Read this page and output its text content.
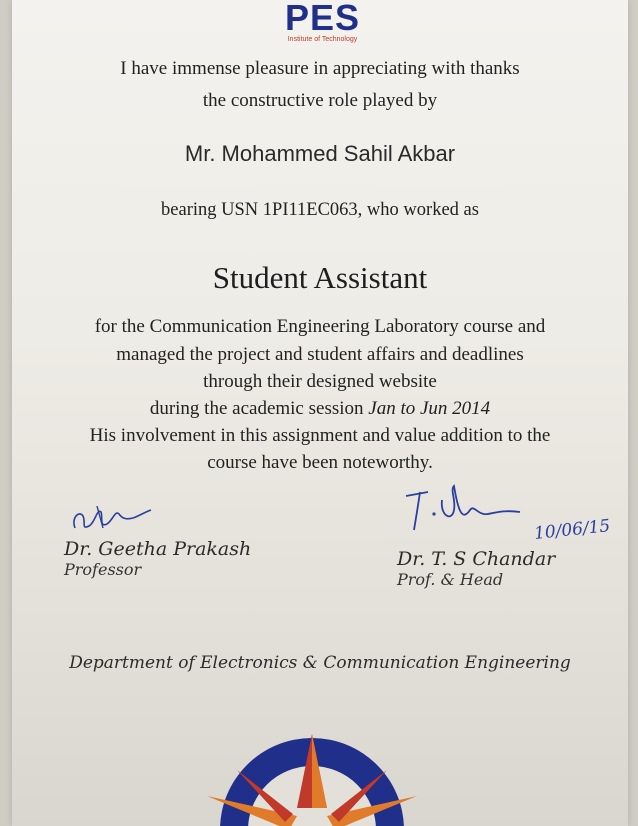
PES
Institute of Technology
I have immense pleasure in appreciating with thanks
the constructive role played by
Mr. Mohammed Sahil Akbar
bearing USN 1PI11EC063, who worked as
Student Assistant
for the Communication Engineering Laboratory course and
managed the project and student affairs and deadlines
through their designed website
during the academic session Jan to Jun 2014
His involvement in this assignment and value addition to the
course have been noteworthy.
Dr. Geetha Prakash
Professor
10/06/15
Dr. T. S Chandar
Prof. & Head
Department of Electronics & Communication Engineering
